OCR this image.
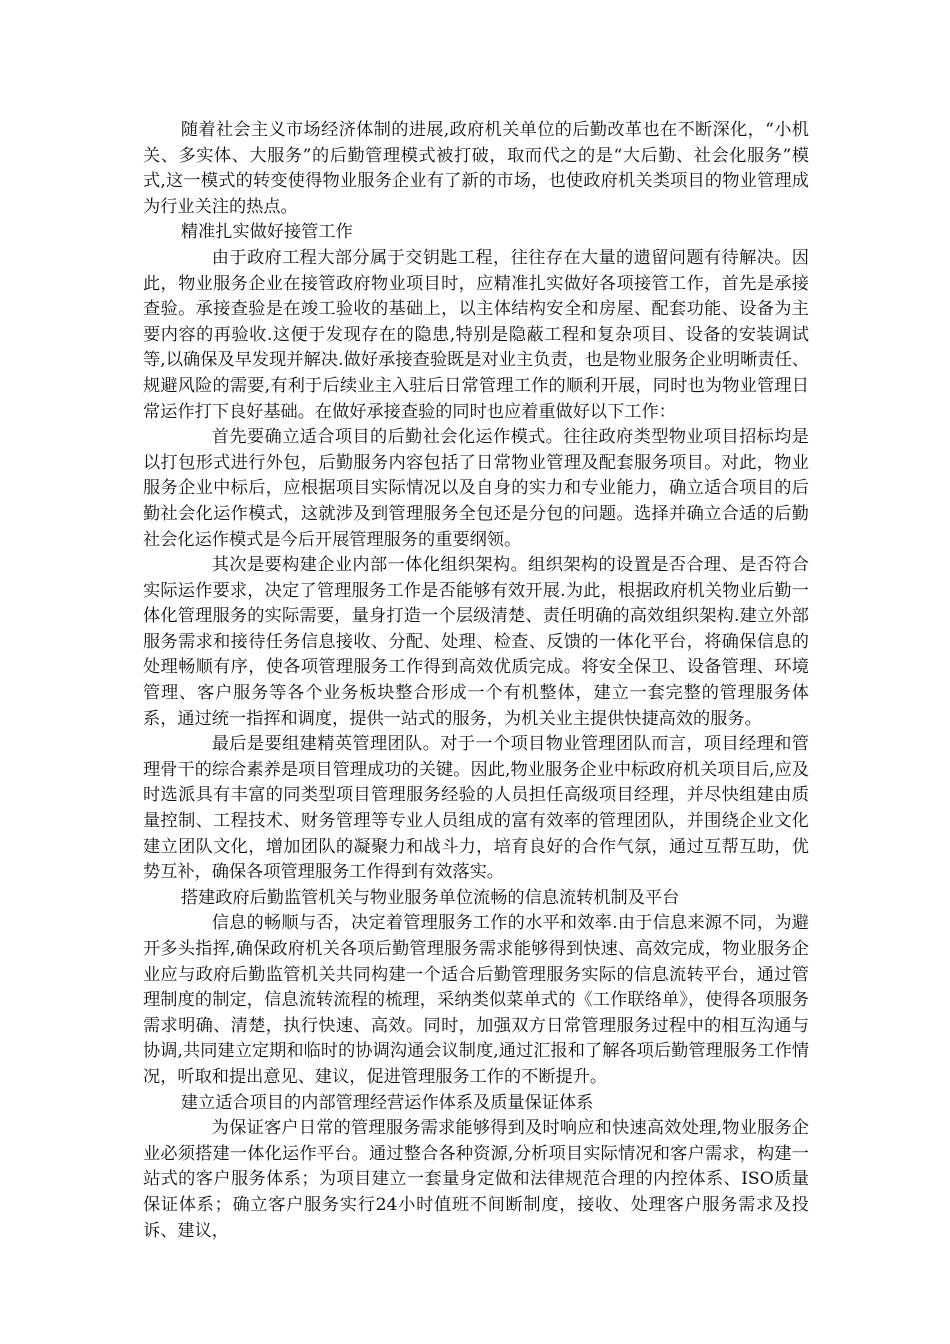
随着社会主义市场经济体制的进展,政府机关单位的后勤改革也在不断深化，“小机关、多实体、大服务”的后勤管理模式被打破，取而代之的是“大后勤、社会化服务”模式,这一模式的转变使得物业服务企业有了新的市场，也使政府机关类项目的物业管理成为行业关注的热点。

精准扎实做好接管工作

由于政府工程大部分属于交钥匙工程，往往存在大量的遗留问题有待解决。因此，物业服务企业在接管政府物业项目时，应精准扎实做好各项接管工作，首先是承接查验。承接查验是在竣工验收的基础上，以主体结构安全和房屋、配套功能、设备为主要内容的再验收.这便于发现存在的隐患,特别是隐蔽工程和复杂项目、设备的安装调试等,以确保及早发现并解决.做好承接查验既是对业主负责，也是物业服务企业明晰责任、规避风险的需要,有利于后续业主入驻后日常管理工作的顺利开展，同时也为物业管理日常运作打下良好基础。在做好承接查验的同时也应着重做好以下工作：

首先要确立适合项目的后勤社会化运作模式。往往政府类型物业项目招标均是以打包形式进行外包，后勤服务内容包括了日常物业管理及配套服务项目。对此，物业服务企业中标后，应根据项目实际情况以及自身的实力和专业能力，确立适合项目的后勤社会化运作模式，这就涉及到管理服务全包还是分包的问题。选择并确立合适的后勤社会化运作模式是今后开展管理服务的重要纲领。

其次是要构建企业内部一体化组织架构。组织架构的设置是否合理、是否符合实际运作要求，决定了管理服务工作是否能够有效开展.为此，根据政府机关物业后勤一体化管理服务的实际需要，量身打造一个层级清楚、责任明确的高效组织架构.建立外部服务需求和接待任务信息接收、分配、处理、检查、反馈的一体化平台，将确保信息的处理畅顺有序，使各项管理服务工作得到高效优质完成。将安全保卫、设备管理、环境管理、客户服务等各个业务板块整合形成一个有机整体，建立一套完整的管理服务体系，通过统一指挥和调度，提供一站式的服务，为机关业主提供快捷高效的服务。

最后是要组建精英管理团队。对于一个项目物业管理团队而言，项目经理和管理骨干的综合素养是项目管理成功的关键。因此,物业服务企业中标政府机关项目后,应及时选派具有丰富的同类型项目管理服务经验的人员担任高级项目经理，并尽快组建由质量控制、工程技术、财务管理等专业人员组成的富有效率的管理团队，并围绕企业文化建立团队文化，增加团队的凝聚力和战斗力，培育良好的合作气氛，通过互帮互助，优势互补，确保各项管理服务工作得到有效落实。

搭建政府后勤监管机关与物业服务单位流畅的信息流转机制及平台

信息的畅顺与否，决定着管理服务工作的水平和效率.由于信息来源不同，为避开多头指挥,确保政府机关各项后勤管理服务需求能够得到快速、高效完成，物业服务企业应与政府后勤监管机关共同构建一个适合后勤管理服务实际的信息流转平台，通过管理制度的制定，信息流转流程的梳理，采纳类似菜单式的《工作联络单》，使得各项服务需求明确、清楚，执行快速、高效。同时，加强双方日常管理服务过程中的相互沟通与协调,共同建立定期和临时的协调沟通会议制度,通过汇报和了解各项后勤管理服务工作情况，听取和提出意见、建议，促进管理服务工作的不断提升。

建立适合项目的内部管理经营运作体系及质量保证体系

为保证客户日常的管理服务需求能够得到及时响应和快速高效处理,物业服务企业必须搭建一体化运作平台。通过整合各种资源,分析项目实际情况和客户需求，构建一站式的客户服务体系；为项目建立一套量身定做和法律规范合理的内控体系、ISO质量保证体系；确立客户服务实行24小时值班不间断制度，接收、处理客户服务需求及投诉、建议，
